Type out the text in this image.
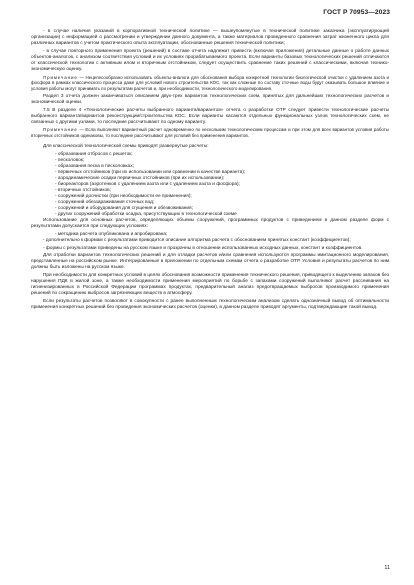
ГОСТ Р 70953—2023

- в случае наличия указаний в корпоративной технической политике — вышеупомянутые в технической политике заказчика (эксплуатирующей организации) с информацией о рассмотрении и утверждении данного документа, а также материалов проведенного сравнения затрат жизненного цикла для различных вариантов с учетом практического опыта эксплуатации, обоснованные решения технической политики;

- в случае повторного применения проекта (решений) в составе отчета надлежит привести (включая приложения) детальные данные о работе данных объектов-аналогов, с анализом соответствия условий и их условиях прорабатываемого проекта. Если варианты базовых технологических решений отличаются от классической технологии с активным илом и вторичным отстойником, следует осуществить сравнение таких решений с классическими, включая технико-экономическую оценку.

Примечание — Нецелесообразно использовать объекты-аналоги для обоснования выбора конкретной технологии биологической очистки с удалением азота и фосфора в рамках классического процесса даже для условий нового строительства КОС, так как сложные по составу сточные воды будут оказывать большое влияние и условия работы могут принимать по результатам расчетов и, при необходимости, технологического моделирования.

Раздел 3 отчета должен заканчиваться описанием двух-трех вариантов технологических схем, принятых для дальнейших технологических расчетов и экономической оценки.

7.5 В разделе 4 «Технологические расчеты выбранного варианта/вариантов» отчета о разработке ОТР следует привести технологические расчеты выбранного варианта/вариантов реконструкции/строительства КОС. Если варианты касаются отдельных функциональных узлов технологических схем, не связанных с другими узлами, то последние рассчитывают по одному варианту.

Примечание — Если выполняют вариантный расчет одновременно по нескольким технологическим процессам и при этом для всех вариантов условия работы вторичных отстойников одинаковы, то последние рассчитывают для условий без применения вариантов.

Для классической технологической схемы приводят развернутые расчеты:

- образования отбросов с решеток;

- песколовок;

- образования песка в песколовках;

- первичных отстойников (при их использовании или сравнении в качестве варианта);

- аэродинамические осадки первичных отстойников (при их использовании);

- биореакторов (аэротенков с удалением азота или с удалением азота и фосфора);

- вторичных отстойников;

- сооружений доочистки (при необходимости ее применения);

- сооружений обеззараживания сточных вод;

- сооружений и оборудования для сгущения и обезвоживания;

- других сооружений обработки осадка, присутствующих в технологической схеме

Использование для основных расчетов, определяющих объемы сооружений, программных продуктов с приведением в данном разделе форм с результатами допускается при следующих условиях:

- методика расчета опубликована и апробирована;

- дополнительно к формам с результатами приводится описание алгоритма расчета с обоснованием принятых констант (коэффициентов);

- формы с результатами приведены на русском языке и прозрачны в отношении использованных исходных данных, констант и коэффициентов.

Для отработки вариантов технологических решений и для отладки расчетов и/или сравнения используются программы имитационного моделирования, представленные на российском рынке. Интегрированные в приложении по отдельным схемам отчета о разработке ОТР. Условия и результаты расчетов по ним должны быть изложены на русском языке.

При необходимости для конкретных условий в целях обоснования возможности применения технического решения, приводящего к выделению запахов без нарушения ПДК в жилой зоне, а также необходимости применения мероприятий по борьбе с запахами сооружений выполняют расчет рассеивания на гигиенизированных в Российской Федерации программах продуктах, предварительный анализ предотвращаемых выбросов производимого применения решений по сокращению выбросов загрязняющих веществ в атмосферу.

Если результаты расчетов позволяют в совокупности с ранее выполненным технологическим анализом сделать однозначный вывод об оптимальности применения конкретных решений без проведения экономических расчетов (оценки), в данном разделе приводят аргументы, подтверждающие такой вывод.

11
